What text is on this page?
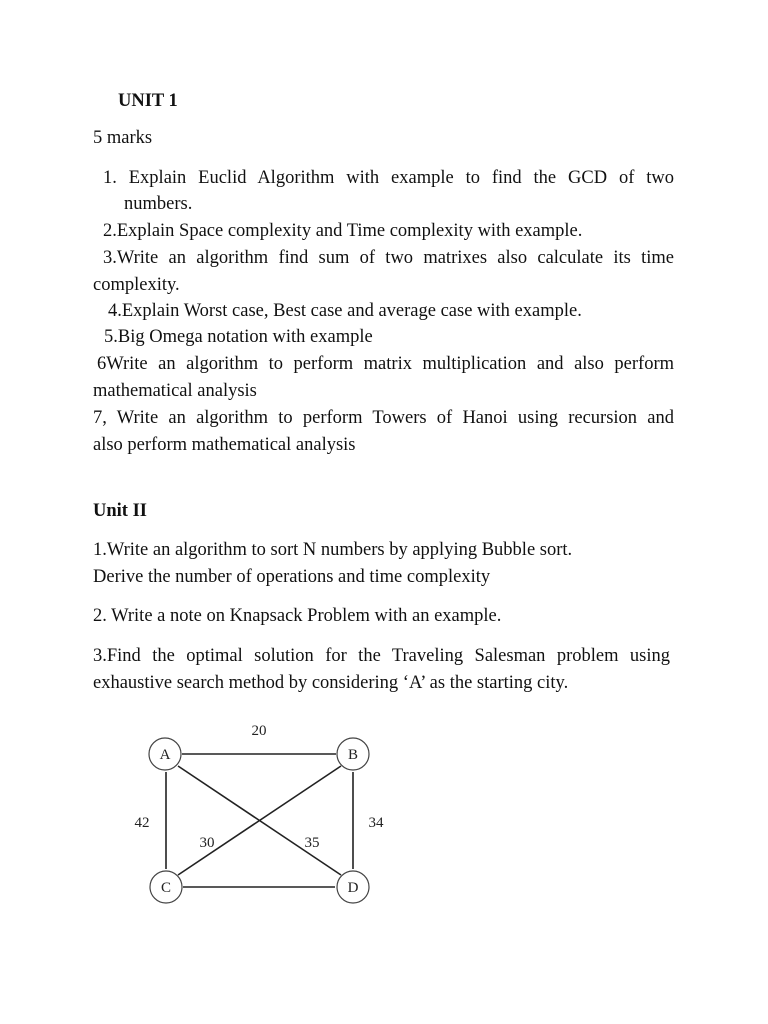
UNIT 1

5 marks

1. Explain Euclid Algorithm with example to find the GCD of two

numbers.

2.Explain Space complexity and Time complexity with example.

3.Write an algorithm find sum of two matrixes also calculate its time

complexity.

4.Explain Worst case, Best case and average case with example.

5.Big Omega notation with example

6Write an algorithm to perform matrix multiplication and also perform

mathematical analysis

7, Write an algorithm to perform Towers of Hanoi using recursion and

also perform mathematical analysis

Unit II

1.Write an algorithm to sort N numbers by applying Bubble sort.

Derive the number of operations and time complexity

2. Write a note on Knapsack Problem with an example.

3.Find the optimal solution for the Traveling Salesman problem using

exhaustive search method by considering ‘A’ as the starting city.

A	B
C	D
20
34
42
30	35
